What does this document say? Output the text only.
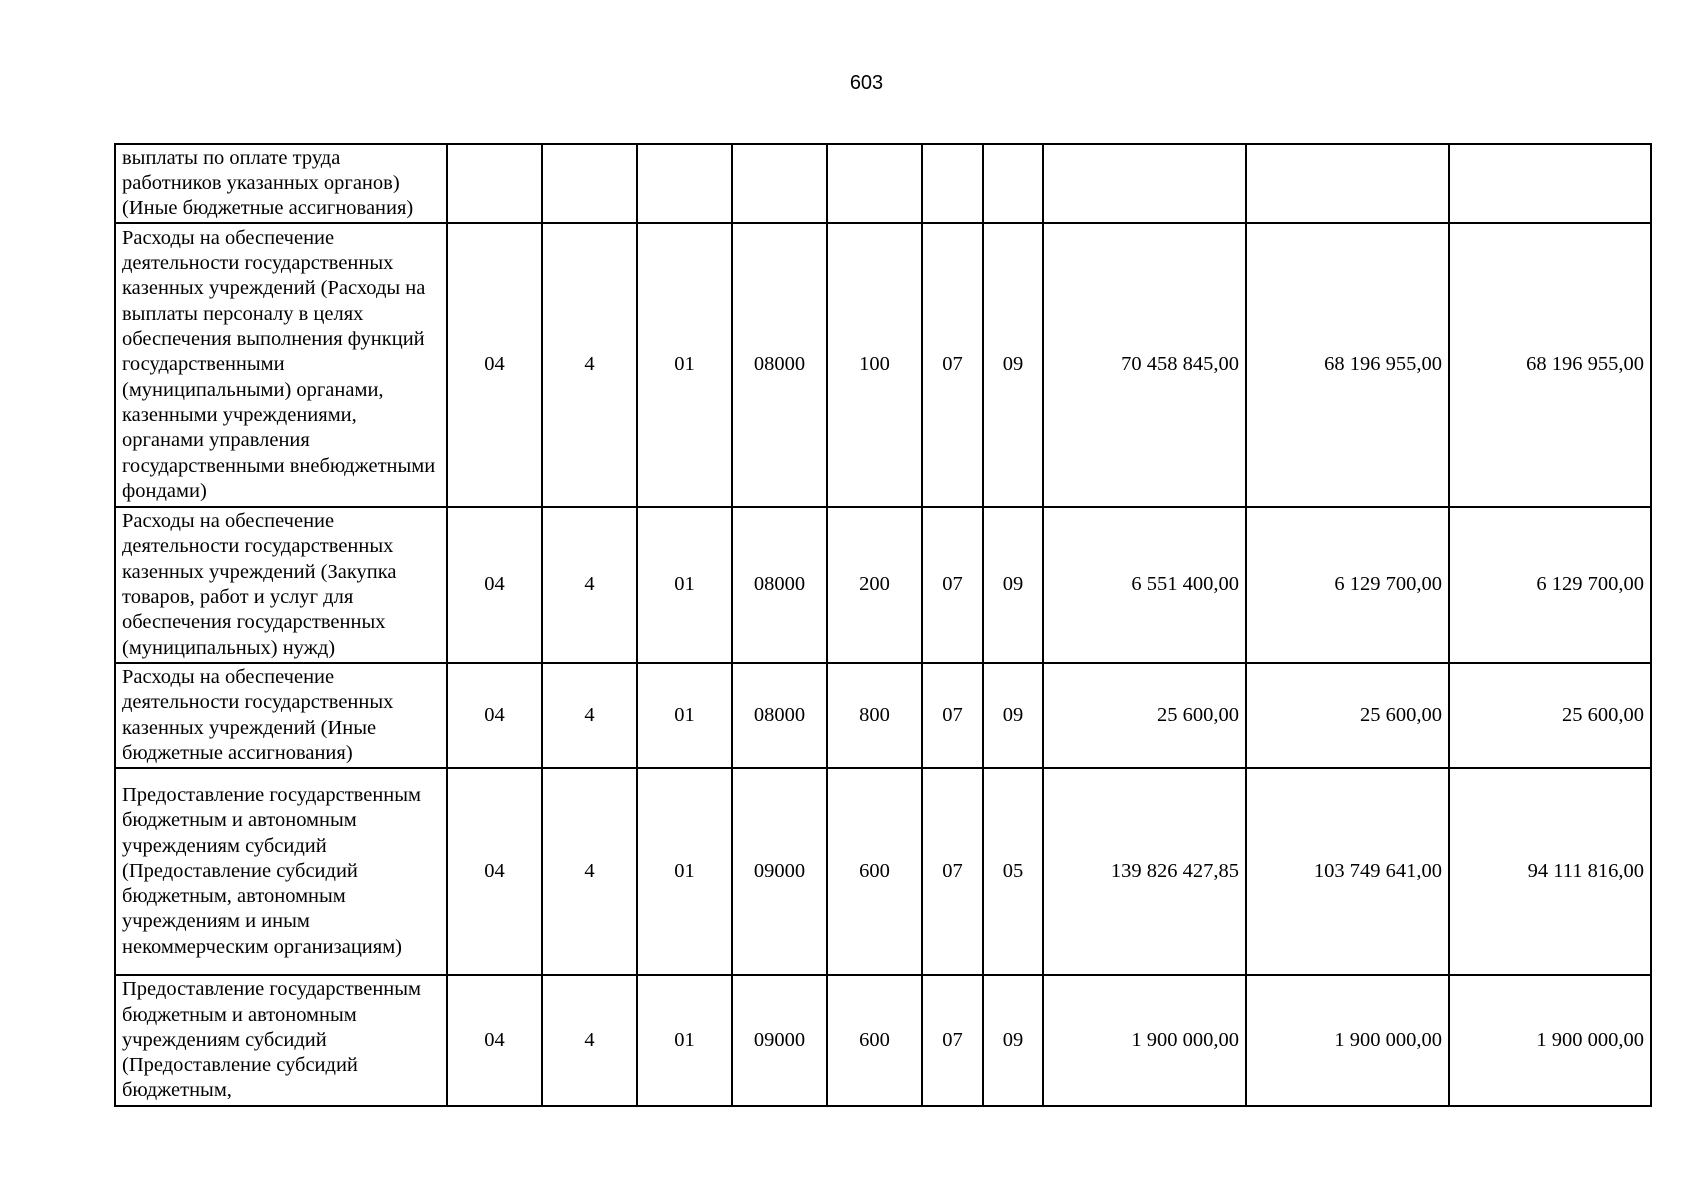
603
выплаты по оплате труда работников указанных органов) (Иные бюджетные ассигнования)										
Расходы на обеспечение деятельности государственных казенных учреждений (Расходы на выплаты персоналу в целях обеспечения выполнения функций государственными (муниципальными) органами, казенными учреждениями, органами управления государственными внебюджетными фондами)	04	4	01	08000	100	07	09	70 458 845,00	68 196 955,00	68 196 955,00
Расходы на обеспечение деятельности государственных казенных учреждений (Закупка товаров, работ и услуг для обеспечения государственных (муниципальных) нужд)	04	4	01	08000	200	07	09	6 551 400,00	6 129 700,00	6 129 700,00
Расходы на обеспечение деятельности государственных казенных учреждений (Иные бюджетные ассигнования)	04	4	01	08000	800	07	09	25 600,00	25 600,00	25 600,00
Предоставление государственным бюджетным и автономным учреждениям субсидий (Предоставление субсидий бюджетным, автономным учреждениям и иным некоммерческим организациям)	04	4	01	09000	600	07	05	139 826 427,85	103 749 641,00	94 111 816,00
Предоставление государственным бюджетным и автономным учреждениям субсидий (Предоставление субсидий бюджетным,	04	4	01	09000	600	07	09	1 900 000,00	1 900 000,00	1 900 000,00
